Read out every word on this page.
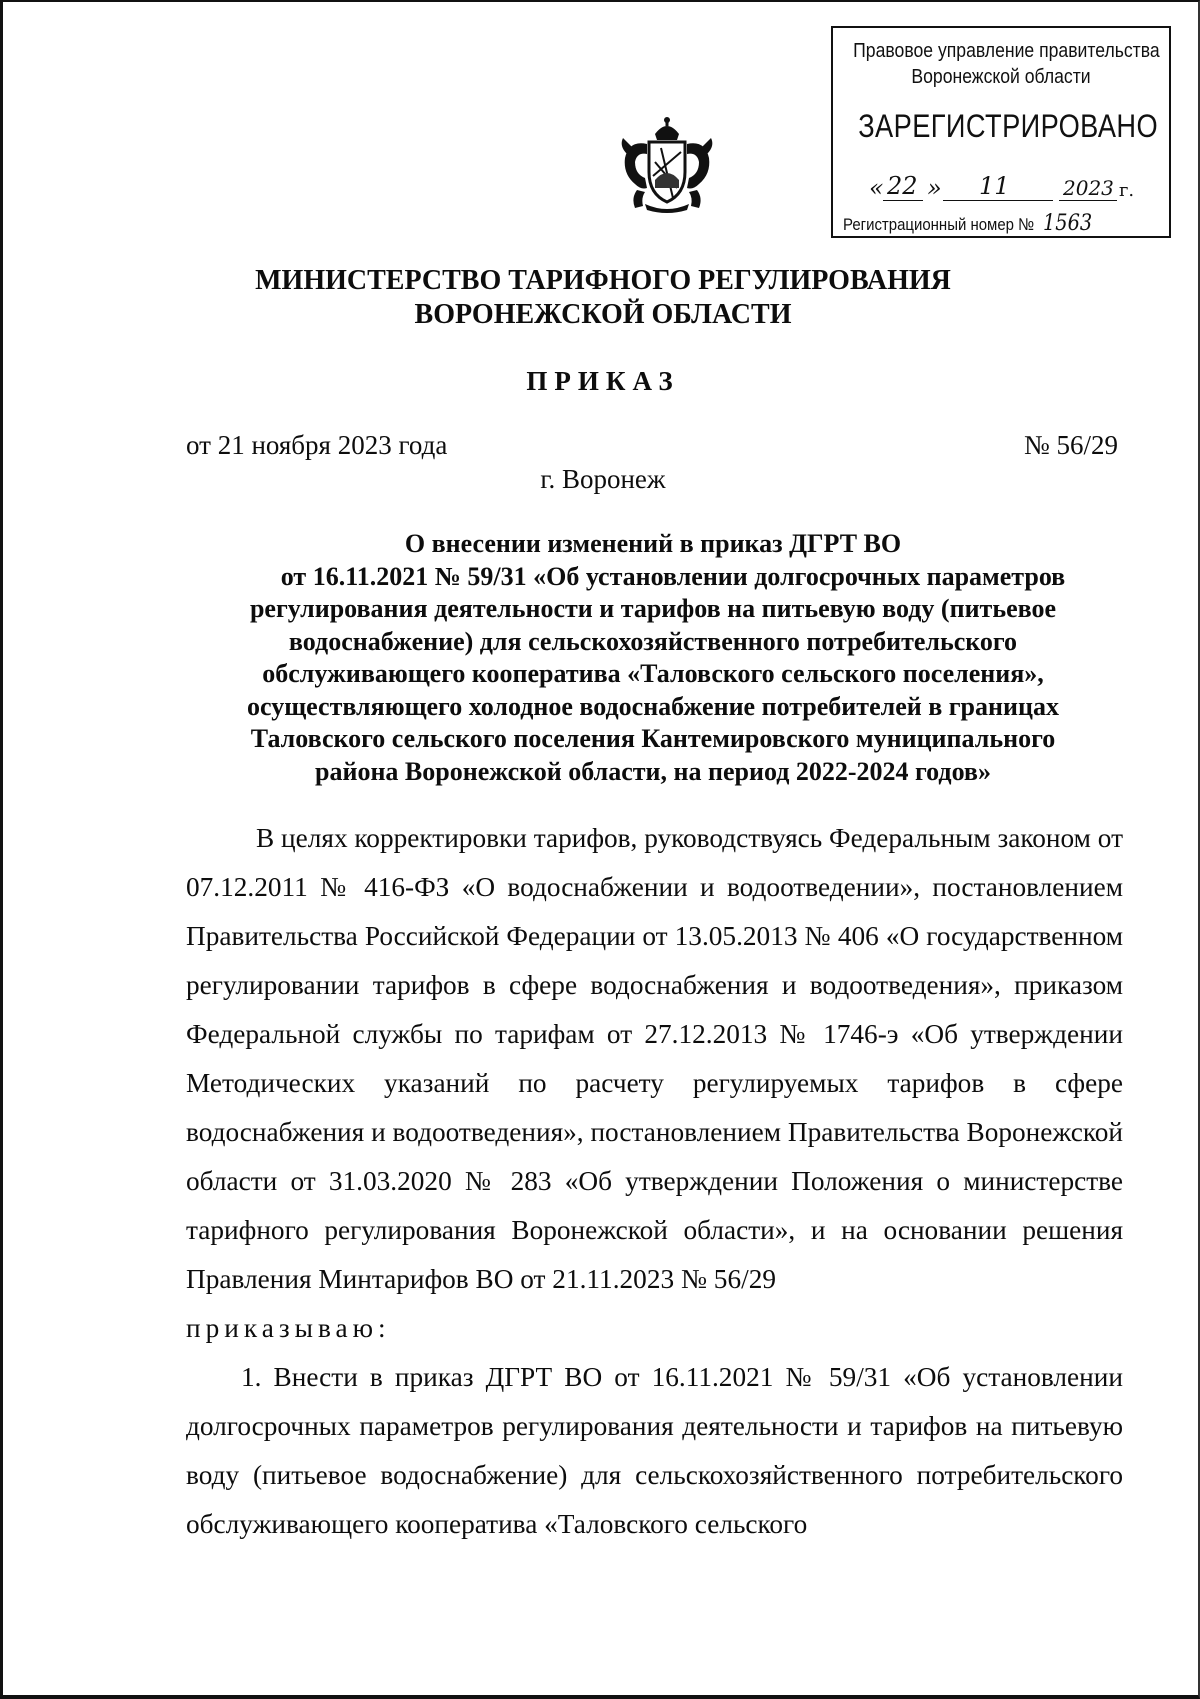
Правовое управление правительства
Воронежской области
ЗАРЕГИСТРИРОВАНО
« 22 » 11	2023 г.
Регистрационный номер № 1563
МИНИСТЕРСТВО ТАРИФНОГО РЕГУЛИРОВАНИЯ
ВОРОНЕЖСКОЙ ОБЛАСТИ
ПРИКАЗ
от 21 ноября 2023 года	№ 56/29
г. Воронеж
О внесении изменений в приказ ДГРТ ВО
от 16.11.2021 № 59/31 «Об установлении долгосрочных параметров
регулирования деятельности и тарифов на питьевую воду (питьевое
водоснабжение) для сельскохозяйственного потребительского
обслуживающего кооператива «Таловского сельского поселения»,
осуществляющего холодное водоснабжение потребителей в границах
Таловского сельского поселения Кантемировского муниципального
района Воронежской области, на период 2022-2024 годов»

В целях корректировки тарифов, руководствуясь Федеральным законом от 07.12.2011 № 416-ФЗ «О водоснабжении и водоотведении», постановлением Правительства Российской Федерации от 13.05.2013 № 406 «О государственном регулировании тарифов в сфере водоснабжения и водоотведения», приказом Федеральной службы по тарифам от 27.12.2013 № 1746-э «Об утверждении Методических указаний по расчету регулируемых тарифов в сфере водоснабжения и водоотведения», постановлением Правительства Воронежской области от 31.03.2020 № 283 «Об утверждении Положения о министерстве тарифного регулирования Воронежской области», и на основании решения Правления Минтарифов ВО от 21.11.2023 № 56/29

приказываю:

1. Внести в приказ ДГРТ ВО от 16.11.2021 № 59/31 «Об установлении долгосрочных параметров регулирования деятельности и тарифов на питьевую воду (питьевое водоснабжение) для сельскохозяйственного потребительского обслуживающего кооператива «Таловского сельского
